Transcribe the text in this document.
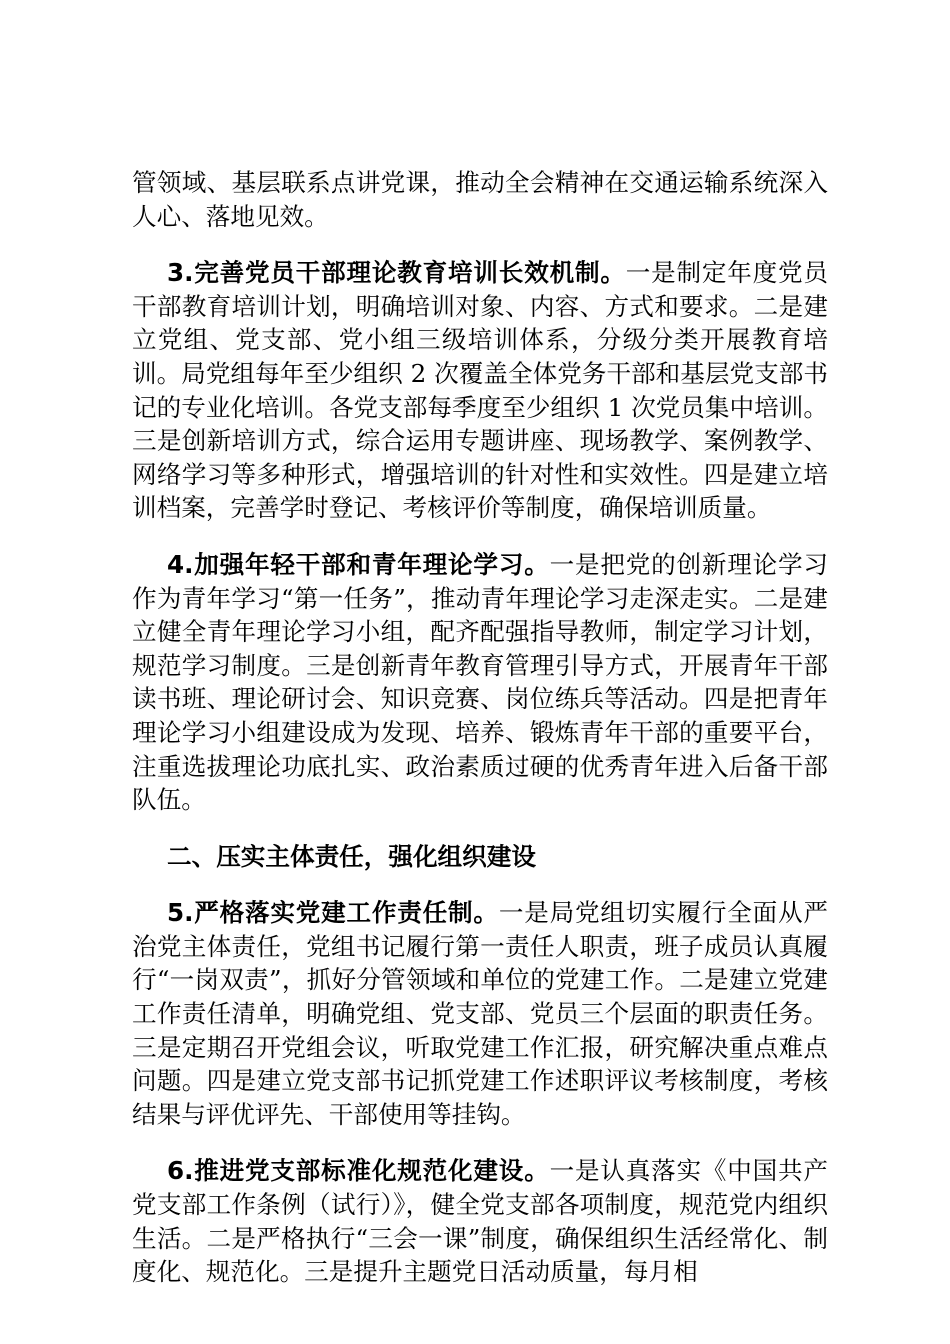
管领域、基层联系点讲党课，推动全会精神在交通运输系统深入人心、落地见效。

3.完善党员干部理论教育培训长效机制。一是制定年度党员干部教育培训计划，明确培训对象、内容、方式和要求。二是建立党组、党支部、党小组三级培训体系，分级分类开展教育培训。局党组每年至少组织 2 次覆盖全体党务干部和基层党支部书记的专业化培训。各党支部每季度至少组织 1 次党员集中培训。三是创新培训方式，综合运用专题讲座、现场教学、案例教学、网络学习等多种形式，增强培训的针对性和实效性。四是建立培训档案，完善学时登记、考核评价等制度，确保培训质量。

4.加强年轻干部和青年理论学习。一是把党的创新理论学习作为青年学习“第一任务”，推动青年理论学习走深走实。二是建立健全青年理论学习小组，配齐配强指导教师，制定学习计划，规范学习制度。三是创新青年教育管理引导方式，开展青年干部读书班、理论研讨会、知识竞赛、岗位练兵等活动。四是把青年理论学习小组建设成为发现、培养、锻炼青年干部的重要平台，注重选拔理论功底扎实、政治素质过硬的优秀青年进入后备干部队伍。

二、压实主体责任，强化组织建设

5.严格落实党建工作责任制。一是局党组切实履行全面从严治党主体责任，党组书记履行第一责任人职责，班子成员认真履行“一岗双责”，抓好分管领域和单位的党建工作。二是建立党建工作责任清单，明确党组、党支部、党员三个层面的职责任务。三是定期召开党组会议，听取党建工作汇报，研究解决重点难点问题。四是建立党支部书记抓党建工作述职评议考核制度，考核结果与评优评先、干部使用等挂钩。

6.推进党支部标准化规范化建设。一是认真落实《中国共产党支部工作条例（试行）》，健全党支部各项制度，规范党内组织生活。二是严格执行“三会一课”制度，确保组织生活经常化、制度化、规范化。三是提升主题党日活动质量，每月相
